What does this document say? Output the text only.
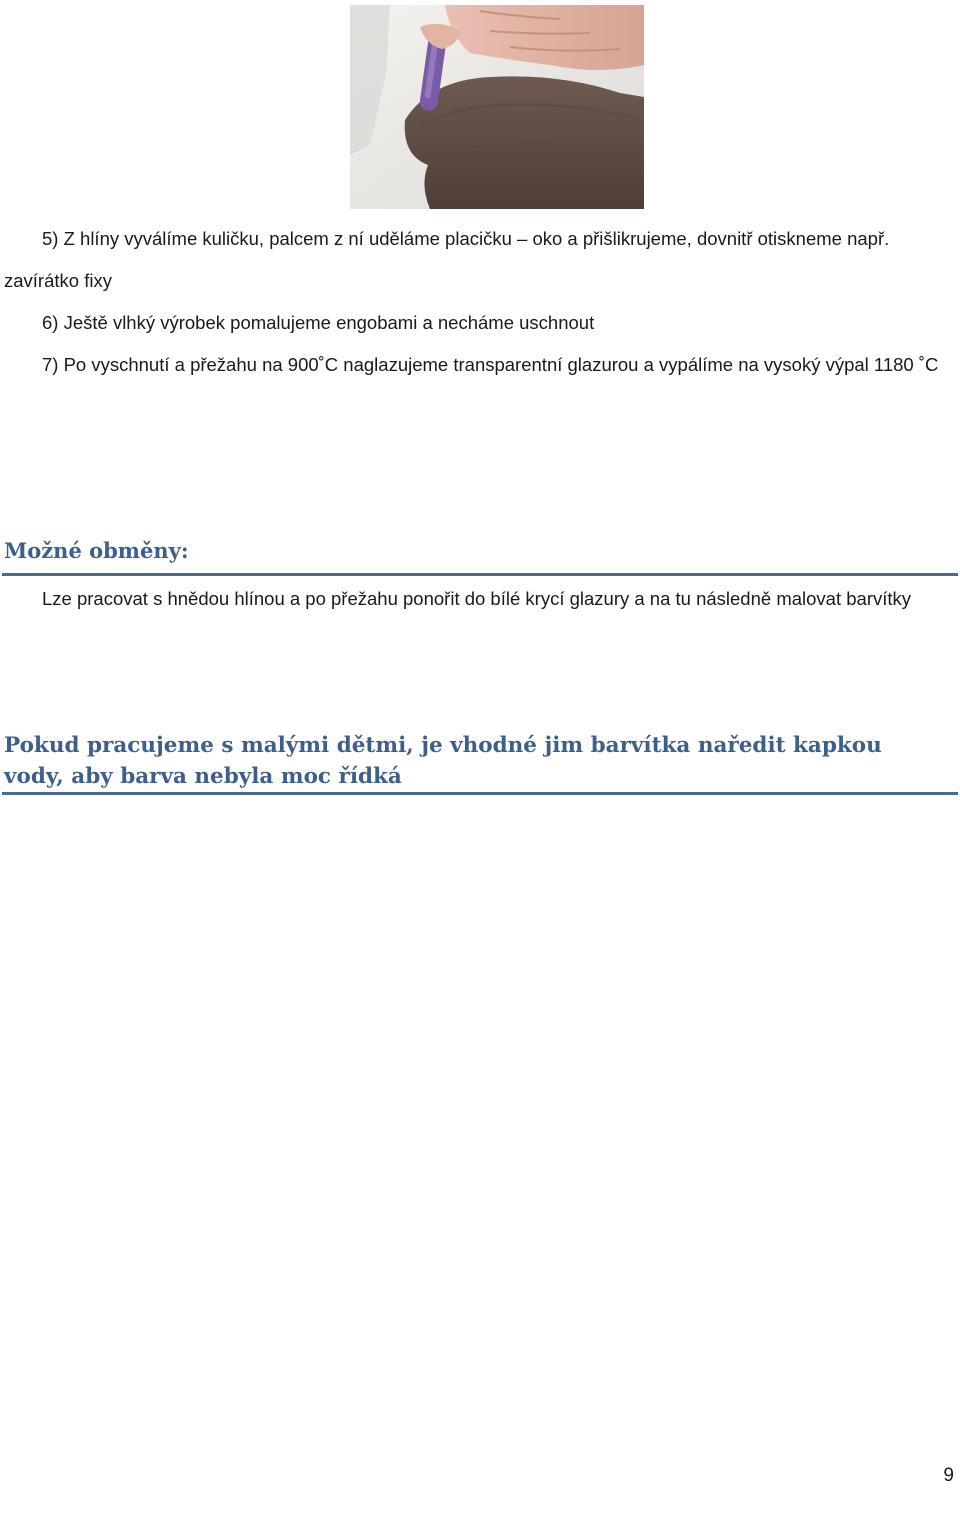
5) Z hlíny vyválíme kuličku, palcem z ní uděláme placičku – oko a přišlikrujeme, dovnitř otiskneme např. zavírátko fixy

6) Ještě vlhký výrobek pomalujeme engobami a necháme uschnout

7) Po vyschnutí a přežahu na 900˚C naglazujeme transparentní glazurou a vypálíme na vysoký výpal 1180 ˚C

Možné obměny:

Lze pracovat s hnědou hlínou a po přežahu ponořit do bílé krycí glazury a na tu následně malovat barvítky

Pokud pracujeme s malými dětmi, je vhodné jim barvítka naředit kapkou vody, aby barva nebyla moc řídká

9
